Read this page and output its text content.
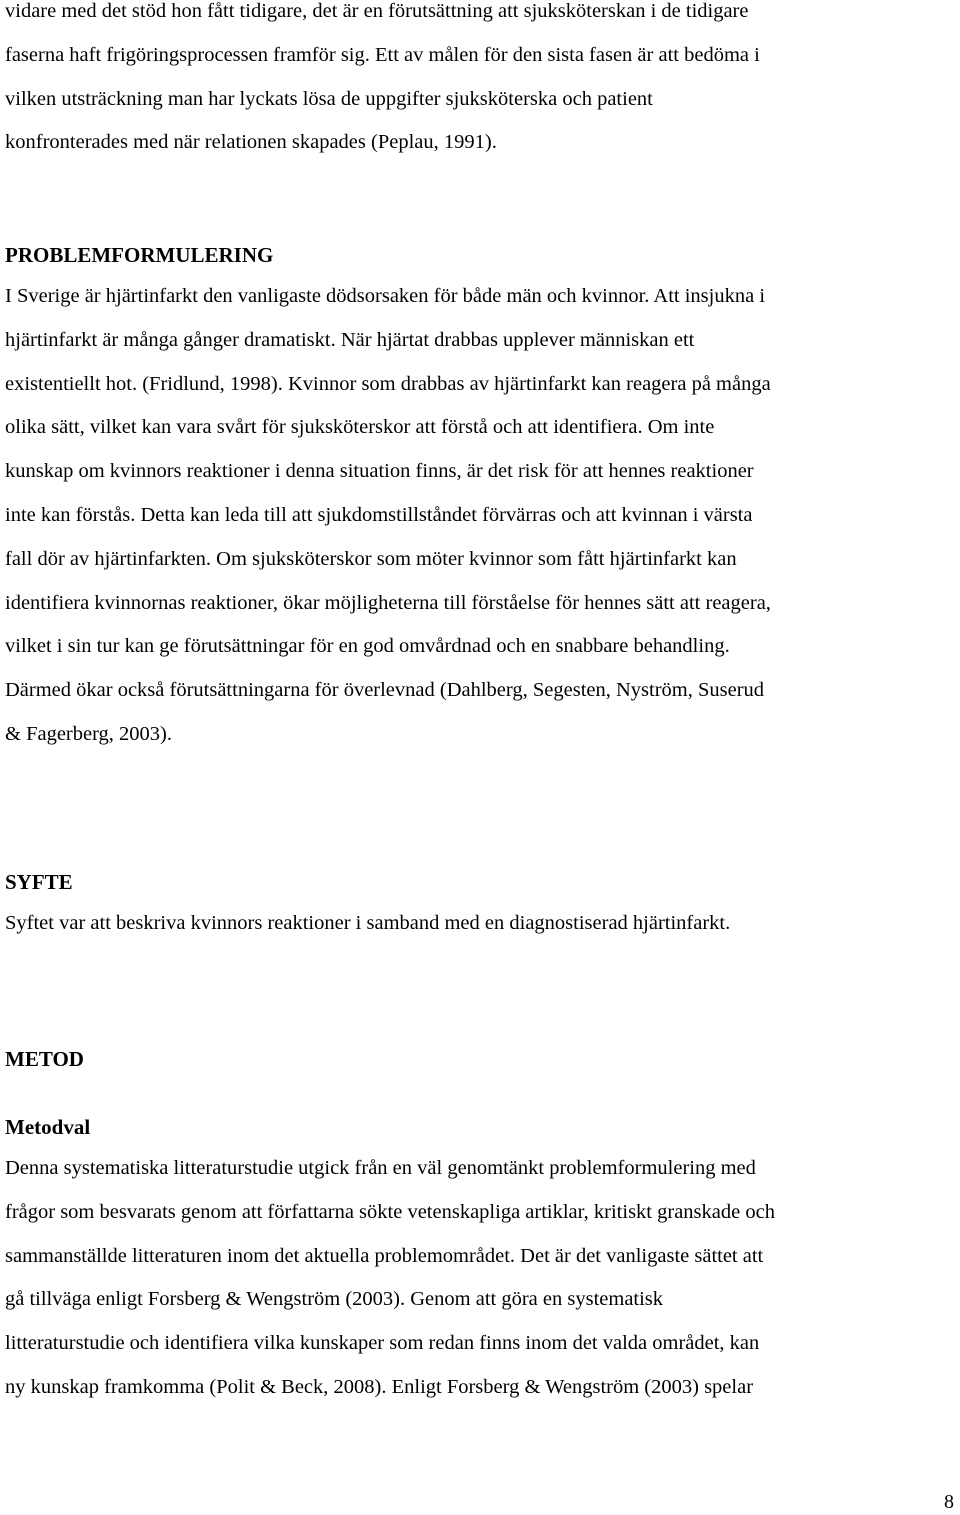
vidare med det stöd hon fått tidigare, det är en förutsättning att sjuksköterskan i de tidigare
faserna haft frigöringsprocessen framför sig. Ett av målen för den sista fasen är att bedöma i
vilken utsträckning man har lyckats lösa de uppgifter sjuksköterska och patient
konfronterades med när relationen skapades (Peplau, 1991).

PROBLEMFORMULERING

I Sverige är hjärtinfarkt den vanligaste dödsorsaken för både män och kvinnor. Att insjukna i
hjärtinfarkt är många gånger dramatiskt. När hjärtat drabbas upplever människan ett
existentiellt hot. (Fridlund, 1998). Kvinnor som drabbas av hjärtinfarkt kan reagera på många
olika sätt, vilket kan vara svårt för sjuksköterskor att förstå och att identifiera. Om inte
kunskap om kvinnors reaktioner i denna situation finns, är det risk för att hennes reaktioner
inte kan förstås. Detta kan leda till att sjukdomstillståndet förvärras och att kvinnan i värsta
fall dör av hjärtinfarkten. Om sjuksköterskor som möter kvinnor som fått hjärtinfarkt kan
identifiera kvinnornas reaktioner, ökar möjligheterna till förståelse för hennes sätt att reagera,
vilket i sin tur kan ge förutsättningar för en god omvårdnad och en snabbare behandling.
Därmed ökar också förutsättningarna för överlevnad (Dahlberg, Segesten, Nyström, Suserud
& Fagerberg, 2003).

SYFTE

Syftet var att beskriva kvinnors reaktioner i samband med en diagnostiserad hjärtinfarkt.

METOD
Metodval

Denna systematiska litteraturstudie utgick från en väl genomtänkt problemformulering med
frågor som besvarats genom att författarna sökte vetenskapliga artiklar, kritiskt granskade och
sammanställde litteraturen inom det aktuella problemområdet. Det är det vanligaste sättet att
gå tillväga enligt Forsberg & Wengström (2003). Genom att göra en systematisk
litteraturstudie och identifiera vilka kunskaper som redan finns inom det valda området, kan
ny kunskap framkomma (Polit & Beck, 2008). Enligt Forsberg & Wengström (2003) spelar

8
